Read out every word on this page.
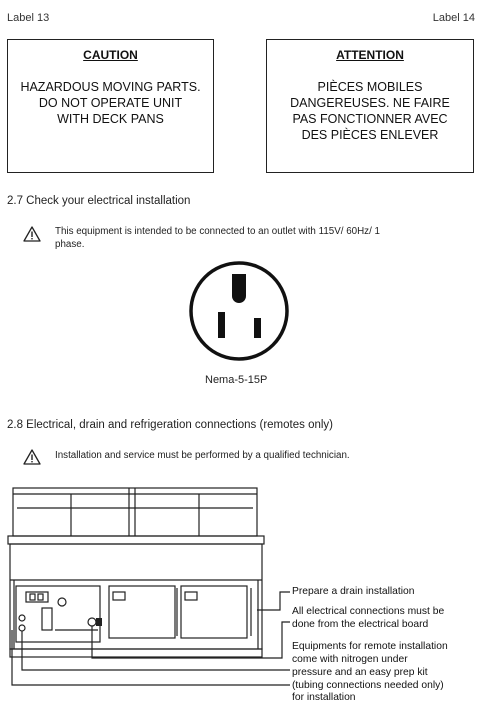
Label 13	Label 14
CAUTION
HAZARDOUS MOVING PARTS.
DO NOT OPERATE UNIT
WITH DECK PANS
ATTENTION
PIÈCES MOBILES
DANGEREUSES. NE FAIRE
PAS FONCTIONNER AVEC
DES PIÈCES ENLEVER
2.7 Check your electrical installation
This equipment is intended to be connected to an outlet with 115V/ 60Hz/ 1
phase.
Nema-5-15P
2.8 Electrical, drain and refrigeration connections (remotes only)
Installation and service must be performed by a qualified technician.
Prepare a drain installation
All electrical connections must be
done from the electrical board
Equipments for remote installation
come with nitrogen under
pressure and an easy prep kit
(tubing connections needed only)
for installation
